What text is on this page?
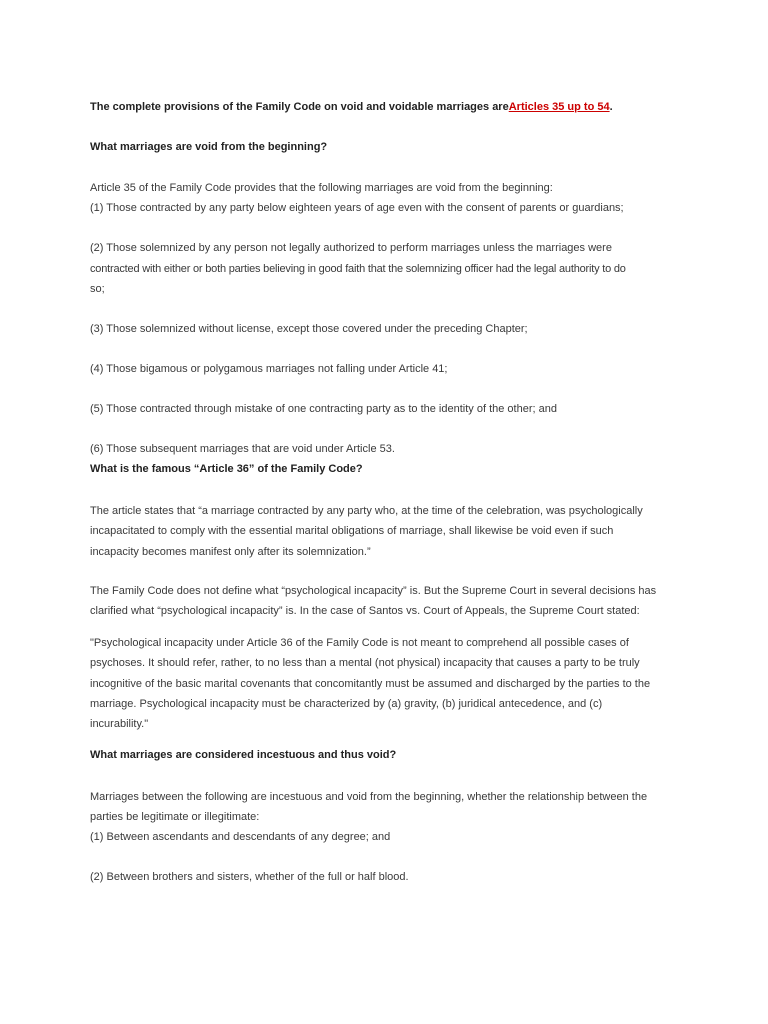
The complete provisions of the Family Code on void and voidable marriages areArticles 35 up to 54.
What marriages are void from the beginning?
Article 35 of the Family Code provides that the following marriages are void from the beginning:
(1) Those contracted by any party below eighteen years of age even with the consent of parents or guardians;
(2) Those solemnized by any person not legally authorized to perform marriages unless the marriages were
contracted with either or both parties believing in good faith that the solemnizing officer had the legal authority to do
so;
(3) Those solemnized without license, except those covered under the preceding Chapter;
(4) Those bigamous or polygamous marriages not falling under Article 41;
(5) Those contracted through mistake of one contracting party as to the identity of the other; and
(6) Those subsequent marriages that are void under Article 53.
What is the famous “Article 36” of the Family Code?
The article states that “a marriage contracted by any party who, at the time of the celebration, was psychologically
incapacitated to comply with the essential marital obligations of marriage, shall likewise be void even if such
incapacity becomes manifest only after its solemnization.”
The Family Code does not define what “psychological incapacity” is. But the Supreme Court in several decisions has
clarified what “psychological incapacity” is. In the case of Santos vs. Court of Appeals, the Supreme Court stated:
"Psychological incapacity under Article 36 of the Family Code is not meant to comprehend all possible cases of
psychoses. It should refer, rather, to no less than a mental (not physical) incapacity that causes a party to be truly
incognitive of the basic marital covenants that concomitantly must be assumed and discharged by the parties to the
marriage. Psychological incapacity must be characterized by (a) gravity, (b) juridical antecedence, and (c)
incurability."
What marriages are considered incestuous and thus void?
Marriages between the following are incestuous and void from the beginning, whether the relationship between the
parties be legitimate or illegitimate:
(1) Between ascendants and descendants of any degree; and
(2) Between brothers and sisters, whether of the full or half blood.
